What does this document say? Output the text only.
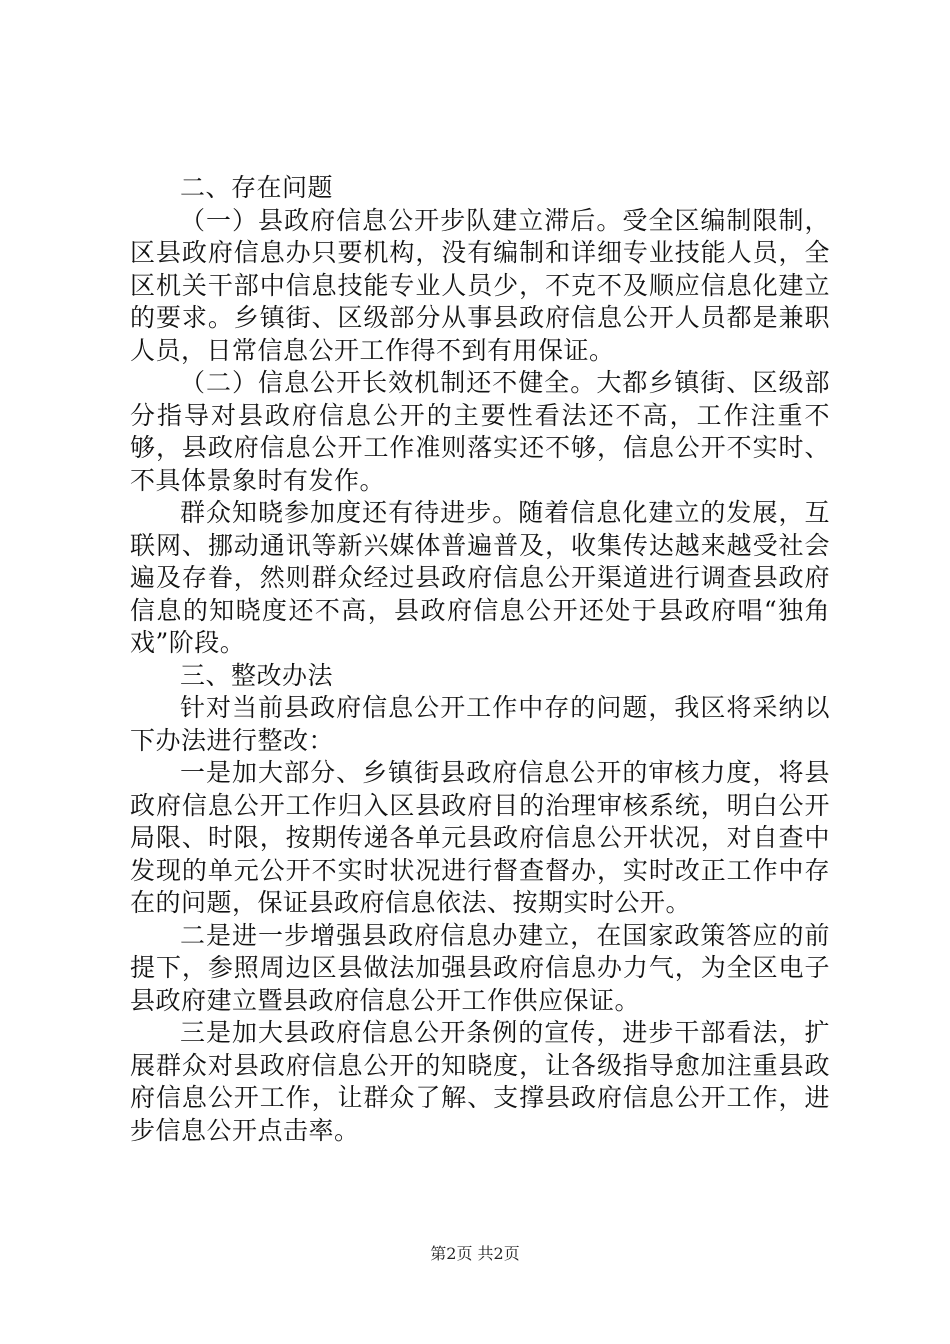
二、存在问题

（一）县政府信息公开步队建立滞后。受全区编制限制，区县政府信息办只要机构，没有编制和详细专业技能人员，全区机关干部中信息技能专业人员少，不克不及顺应信息化建立的要求。乡镇街、区级部分从事县政府信息公开人员都是兼职人员，日常信息公开工作得不到有用保证。

（二）信息公开长效机制还不健全。大都乡镇街、区级部分指导对县政府信息公开的主要性看法还不高，工作注重不够，县政府信息公开工作准则落实还不够，信息公开不实时、不具体景象时有发作。

群众知晓参加度还有待进步。随着信息化建立的发展，互联网、挪动通讯等新兴媒体普遍普及，收集传达越来越受社会遍及存眷，然则群众经过县政府信息公开渠道进行调查县政府信息的知晓度还不高，县政府信息公开还处于县政府唱“独角戏”阶段。

三、整改办法

针对当前县政府信息公开工作中存的问题，我区将采纳以下办法进行整改：

一是加大部分、乡镇街县政府信息公开的审核力度，将县政府信息公开工作归入区县政府目的治理审核系统，明白公开局限、时限，按期传递各单元县政府信息公开状况，对自查中发现的单元公开不实时状况进行督查督办，实时改正工作中存在的问题，保证县政府信息依法、按期实时公开。

二是进一步增强县政府信息办建立，在国家政策答应的前提下，参照周边区县做法加强县政府信息办力气，为全区电子县政府建立暨县政府信息公开工作供应保证。

三是加大县政府信息公开条例的宣传，进步干部看法，扩展群众对县政府信息公开的知晓度，让各级指导愈加注重县政府信息公开工作，让群众了解、支撑县政府信息公开工作，进步信息公开点击率。

第2页 共2页
